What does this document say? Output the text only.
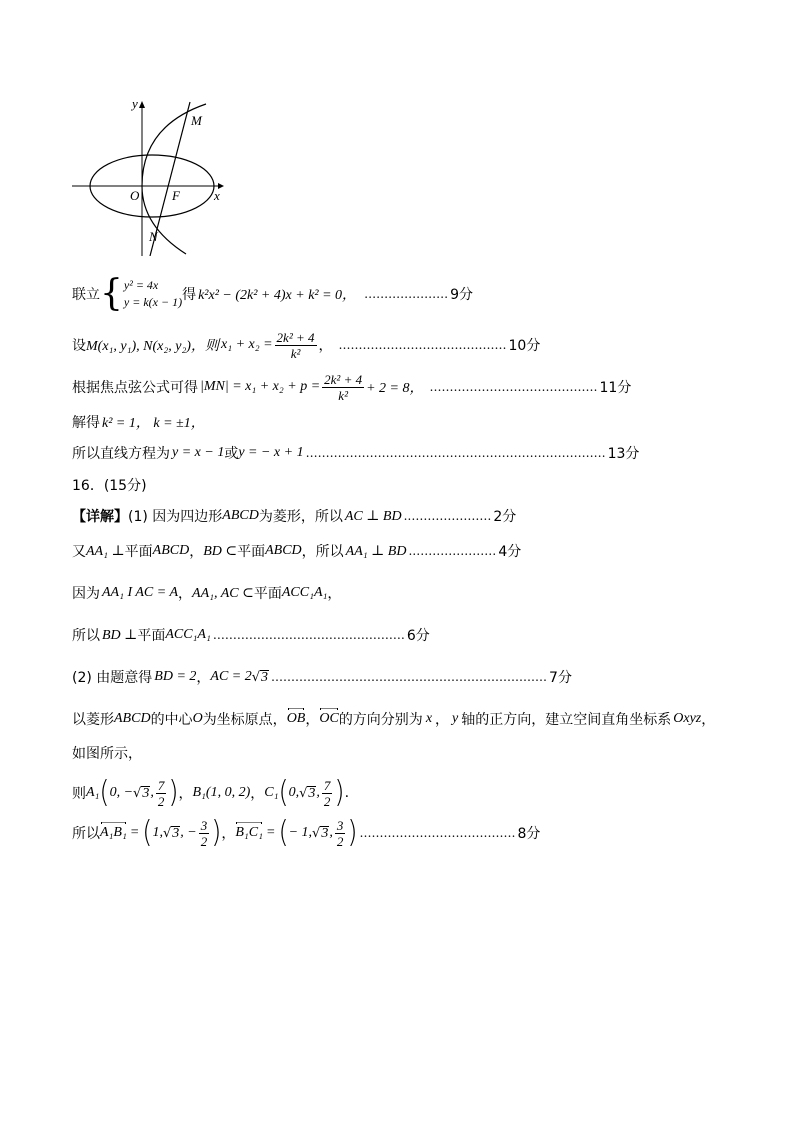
y
x
O	F
M
N
联立 { y² = 4x
y = k(x − 1) 得 k²x² − (2k² + 4)x + k² = 0， ………………… 9分
设 M(x₁, y₁), N(x₂, y₂)，则 $x_1 + x_2 = \frac{\text{2k² + 4}}{\text{k²}}$ ， …………………………………… 10分
根据焦点弦公式可得 $|MN| = x_1 + x_2 + p = \frac{\text{2k² + 4}}{\text{k²}} + 2 = 8$， …………………………………… 11分
解得 k² = 1， k = ±1，
所以直线方程为 y = x − 1 或 y = − x + 1 ………………………………………………………………… 13分
16．(15分)
【详解】 (1) 因为四边形 ABCD 为菱形，所以 AC ⊥ BD .………………… 2分
又 AA₁ ⊥ 平面 ABCD ， BD ⊂ 平面 ABCD ，所以 AA₁ ⊥ BD .………………… 4分
因为 AA₁ I AC = A ， AA₁, AC ⊂ 平面 ACC₁A₁ ，
所以 BD ⊥ 平面 ACC₁A₁ ………………………………………… 6分
(2) 由题意得 BD = 2 ， AC = 2 √ 3 …………………………………………………………… 7分
以菱形 ABCD 的中心 O 为坐标原点， OB ， OC 的方向分别为 x ， y 轴的正方向，建立空间直角坐标系 Oxyz ，
如图所示，
则 A₁ ( 0, − √ 3 , $\frac{7}{2}$ ) ， B₁(1, 0, 2) ， C₁ ( 0, √ 3 , $\frac{7}{2}$ ) .
所以 A₁B₁ = ( 1, √ 3 , − $\frac{3}{2}$ ) ， B₁C₁ = ( − 1, √ 3 , $\frac{3}{2}$ ) ………………………………… 8分
